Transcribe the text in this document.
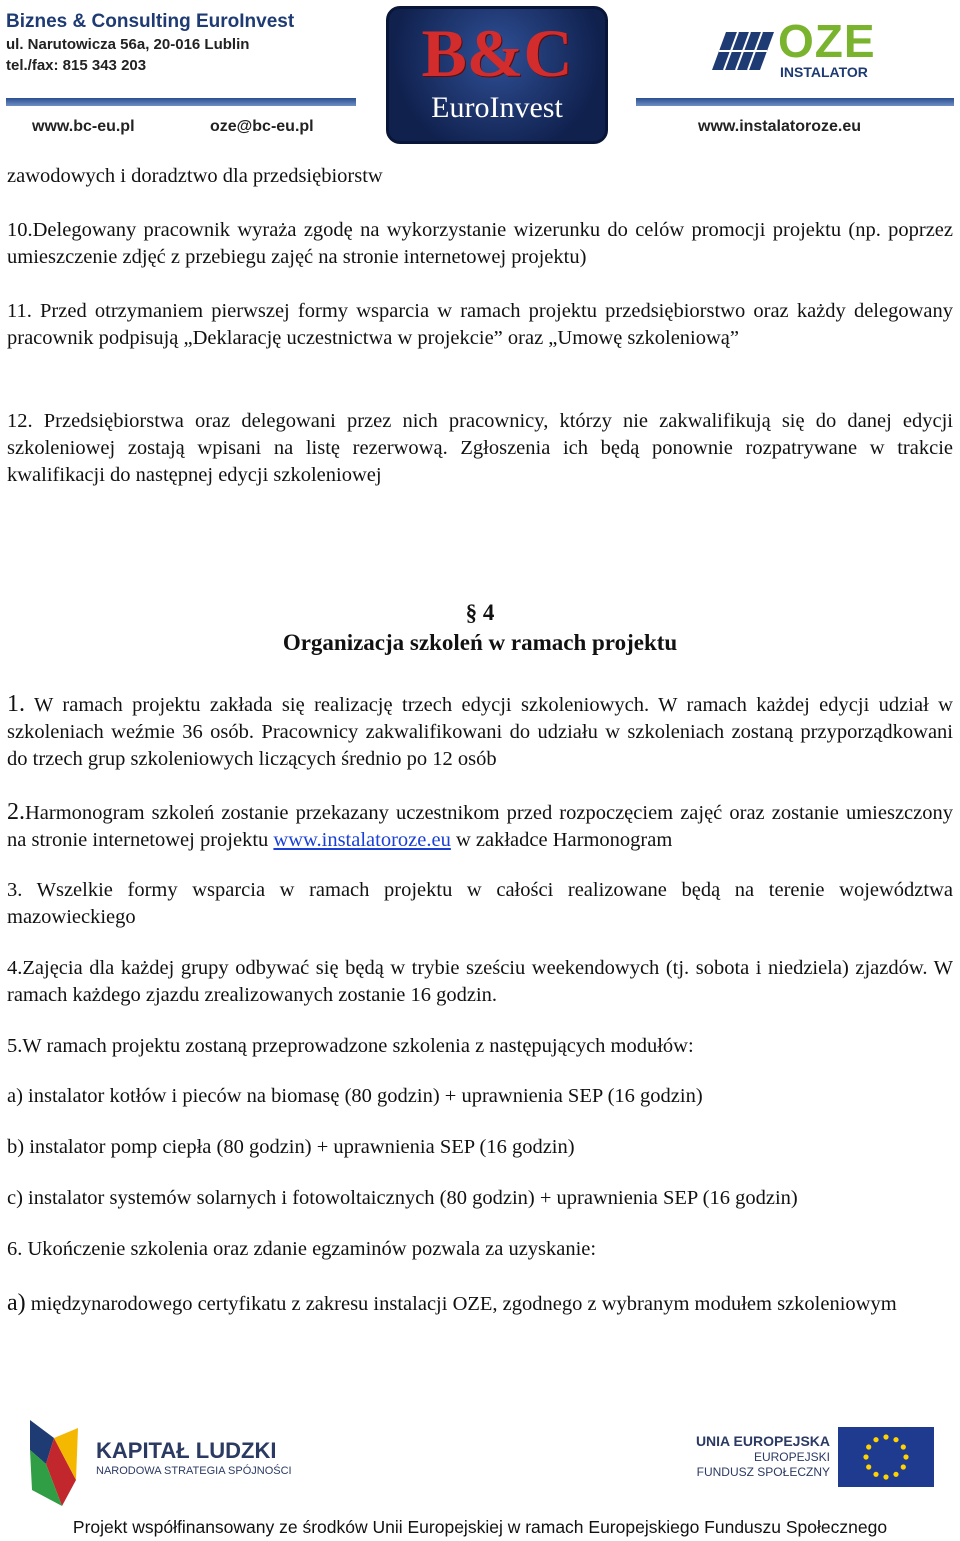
Biznes & Consulting EuroInvest
ul. Narutowicza 56a, 20-016 Lublin
tel./fax: 815 343 203
www.bc-eu.pl	oze@bc-eu.pl
B&C
EuroInvest
OZE
INSTALATOR
www.instalatoroze.eu
zawodowych i doradztwo dla przedsiębiorstw
10.Delegowany pracownik wyraża zgodę na wykorzystanie wizerunku do celów promocji projektu (np. poprzez umieszczenie zdjęć z przebiegu zajęć na stronie internetowej projektu)
11. Przed otrzymaniem pierwszej formy wsparcia w ramach projektu przedsiębiorstwo oraz każdy delegowany pracownik podpisują „Deklarację uczestnictwa w projekcie” oraz „Umowę szkoleniową”
12. Przedsiębiorstwa oraz delegowani przez nich pracownicy, którzy nie zakwalifikują się do danej edycji szkoleniowej zostają wpisani na listę rezerwową. Zgłoszenia ich będą ponownie rozpatrywane w trakcie kwalifikacji do następnej edycji szkoleniowej
§ 4
Organizacja szkoleń w ramach projektu
1. W ramach projektu zakłada się realizację trzech edycji szkoleniowych. W ramach każdej edycji udział w szkoleniach weźmie 36 osób. Pracownicy zakwalifikowani do udziału w szkoleniach zostaną przyporządkowani do trzech grup szkoleniowych liczących średnio po 12 osób
2.Harmonogram szkoleń zostanie przekazany uczestnikom przed rozpoczęciem zajęć oraz zostanie umieszczony na stronie internetowej projektu www.instalatoroze.eu w zakładce Harmonogram
3. Wszelkie formy wsparcia w ramach projektu w całości realizowane będą na terenie województwa mazowieckiego
4.Zajęcia dla każdej grupy odbywać się będą w trybie sześciu weekendowych (tj. sobota i niedziela) zjazdów. W ramach każdego zjazdu zrealizowanych zostanie 16 godzin.
5.W ramach projektu zostaną przeprowadzone szkolenia z następujących modułów:
a) instalator kotłów i pieców na biomasę (80 godzin) + uprawnienia SEP (16 godzin)
b) instalator pomp ciepła (80 godzin) + uprawnienia SEP (16 godzin)
c) instalator systemów solarnych i fotowoltaicznych (80 godzin) + uprawnienia SEP (16 godzin)
6. Ukończenie szkolenia oraz zdanie egzaminów pozwala za uzyskanie:
a) międzynarodowego certyfikatu z zakresu instalacji OZE, zgodnego z wybranym modułem szkoleniowym
KAPITAŁ LUDZKI
NARODOWA STRATEGIA SPÓJNOŚCI
UNIA EUROPEJSKA
EUROPEJSKI
FUNDUSZ SPOŁECZNY
Projekt współfinansowany ze środków Unii Europejskiej w ramach Europejskiego Funduszu Społecznego
